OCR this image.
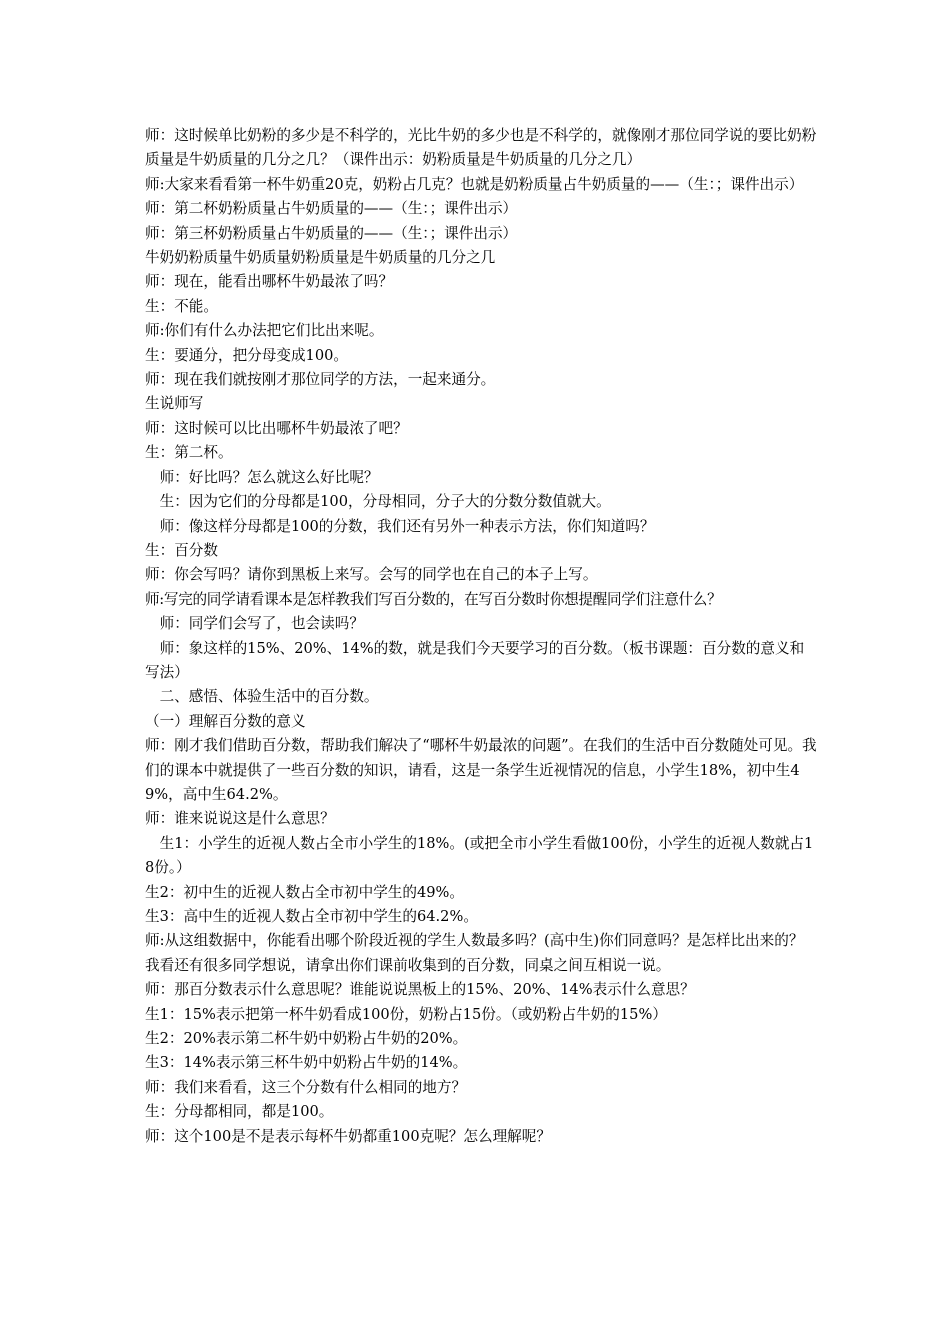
师：这时候单比奶粉的多少是不科学的，光比牛奶的多少也是不科学的，就像刚才那位同学说的要比奶粉质量是牛奶质量的几分之几？（课件出示：奶粉质量是牛奶质量的几分之几）

师:大家来看看第一杯牛奶重20克，奶粉占几克？也就是奶粉质量占牛奶质量的——（生：；课件出示）

师：第二杯奶粉质量占牛奶质量的——（生：；课件出示）

师：第三杯奶粉质量占牛奶质量的——（生：；课件出示）

牛奶奶粉质量牛奶质量奶粉质量是牛奶质量的几分之几

师：现在，能看出哪杯牛奶最浓了吗？

生：不能。

师:你们有什么办法把它们比出来呢。

生：要通分，把分母变成100。

师：现在我们就按刚才那位同学的方法，一起来通分。

生说师写

师：这时候可以比出哪杯牛奶最浓了吧？

生：第二杯。

师：好比吗？怎么就这么好比呢？

生：因为它们的分母都是100，分母相同，分子大的分数分数值就大。

师：像这样分母都是100的分数，我们还有另外一种表示方法，你们知道吗？

生：百分数

师：你会写吗？请你到黑板上来写。会写的同学也在自己的本子上写。

师:写完的同学请看课本是怎样教我们写百分数的，在写百分数时你想提醒同学们注意什么？

师：同学们会写了，也会读吗？

师：象这样的15%、20%、14%的数，就是我们今天要学习的百分数。（板书课题：百分数的意义和写法）

二、感悟、体验生活中的百分数。

（一）理解百分数的意义

师：刚才我们借助百分数，帮助我们解决了“哪杯牛奶最浓的问题”。在我们的生活中百分数随处可见。我们的课本中就提供了一些百分数的知识，请看，这是一条学生近视情况的信息，小学生18%，初中生49%，高中生64.2%。

师：谁来说说这是什么意思？

生1：小学生的近视人数占全市小学生的18%。(或把全市小学生看做100份，小学生的近视人数就占18份。）

生2：初中生的近视人数占全市初中学生的49%。

生3：高中生的近视人数占全市初中学生的64.2%。

师:从这组数据中，你能看出哪个阶段近视的学生人数最多吗？(高中生)你们同意吗？是怎样比出来的？我看还有很多同学想说，请拿出你们课前收集到的百分数，同桌之间互相说一说。

师：那百分数表示什么意思呢？谁能说说黑板上的15%、20%、14%表示什么意思？

生1：15%表示把第一杯牛奶看成100份，奶粉占15份。（或奶粉占牛奶的15%）

生2：20%表示第二杯牛奶中奶粉占牛奶的20%。

生3：14%表示第三杯牛奶中奶粉占牛奶的14%。

师：我们来看看，这三个分数有什么相同的地方？

生：分母都相同，都是100。

师：这个100是不是表示每杯牛奶都重100克呢？怎么理解呢？
